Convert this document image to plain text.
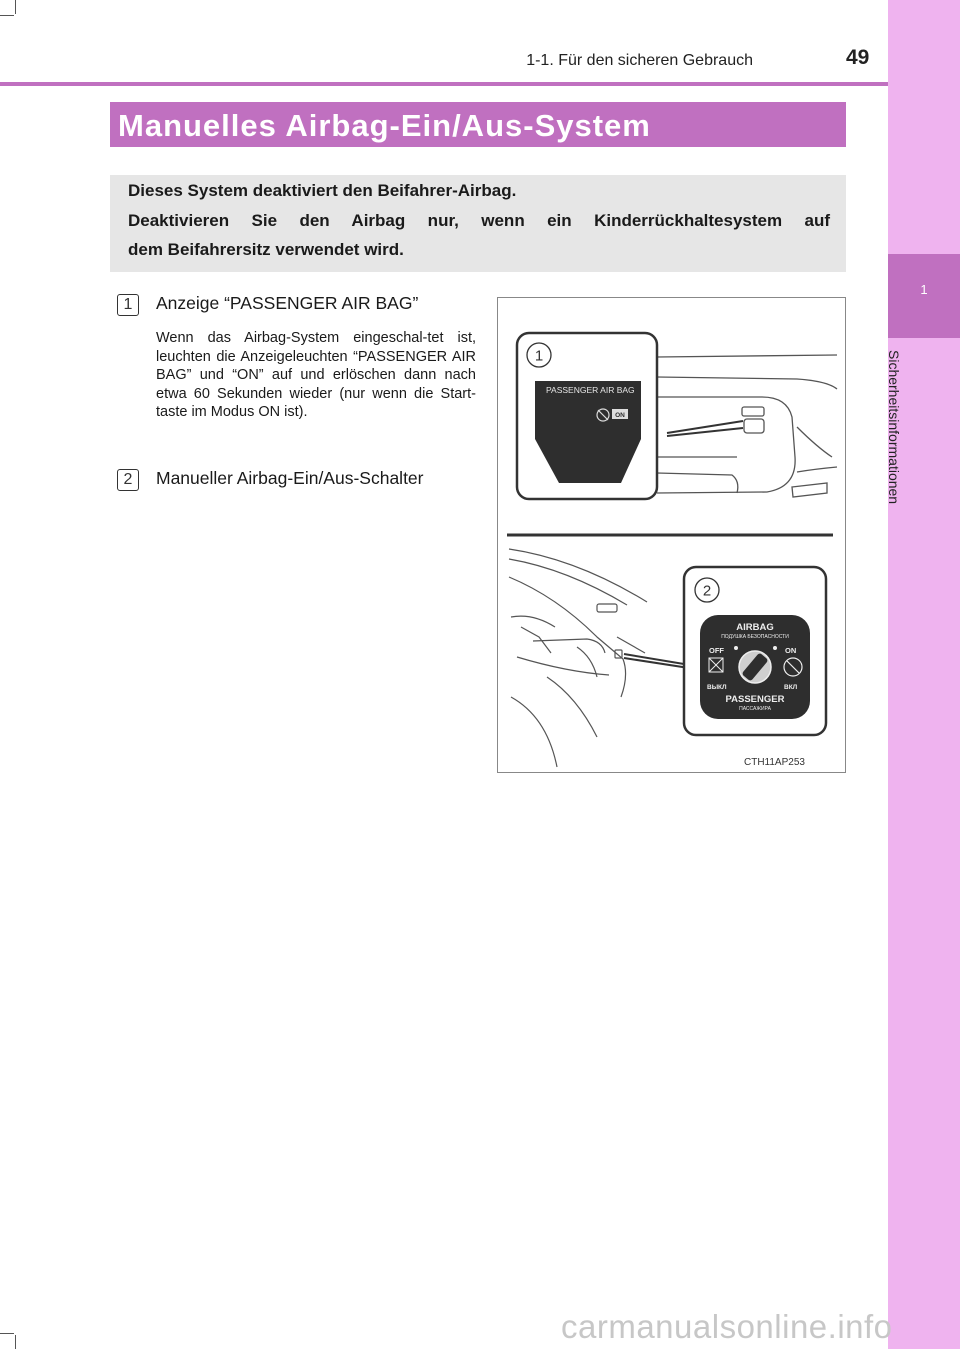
1
Sicherheitsinformationen
1-1. Für den sicheren Gebrauch	49
Manuelles Airbag-Ein/Aus-System

Dieses System deaktiviert den Beifahrer-Airbag.

Deaktivieren Sie den Airbag nur, wenn ein Kinderrückhaltesystem auf

dem Beifahrersitz verwendet wird.

1	Anzeige “PASSENGER AIR BAG”

Wenn das Airbag-System eingeschal-tet ist, leuchten die Anzeigeleuchten “PASSENGER AIR BAG” und “ON” auf und erlöschen dann nach etwa 60 Sekunden wieder (nur wenn die Start-taste im Modus ON ist).

2	Manueller Airbag-Ein/Aus-Schalter
1
PASSENGER AIR BAG
ON
2
AIRBAG
ПОДУШКА БЕЗОПАСНОСТИ
OFF	ON
ВЫКЛ	ВКЛ
PASSENGER
ПАССАЖИРА
CTH11AP253
carmanualsonline.info
